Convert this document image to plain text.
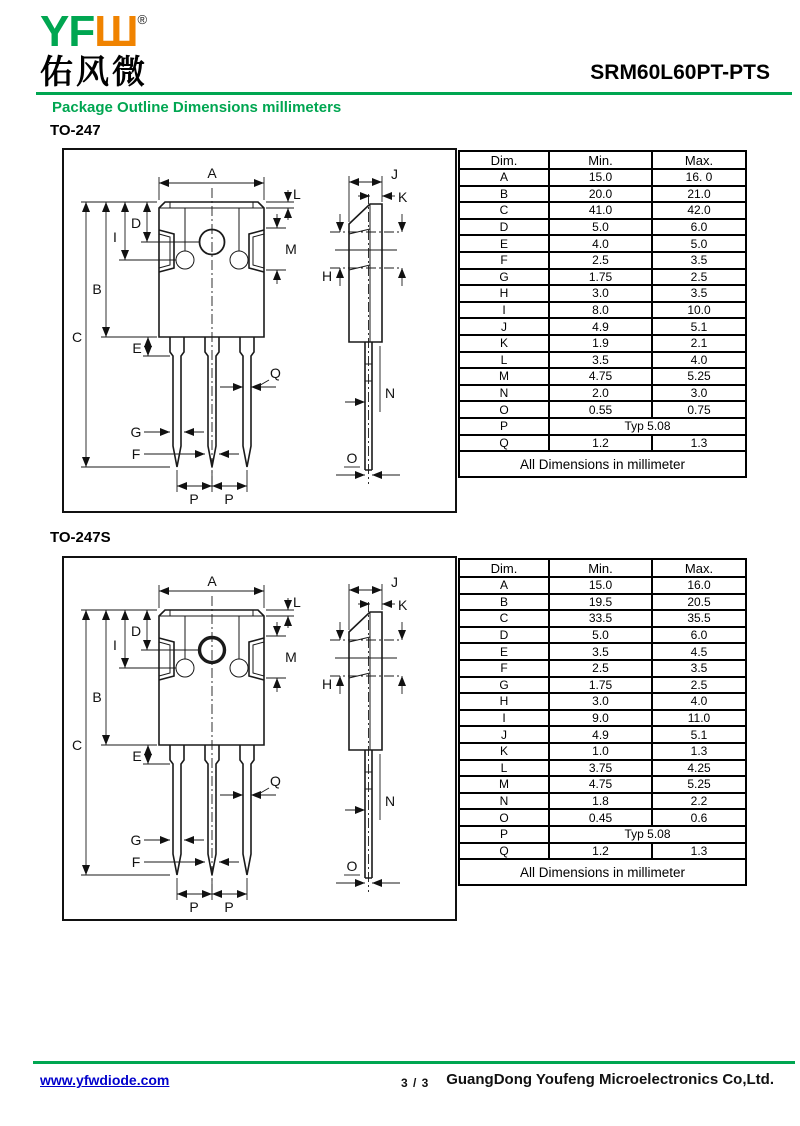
YFШ®
佑风微	SRM60L60PT-PTS
Package Outline Dimensions millimeters
TO-247
A
L
D
I
M
B
C
E
Q
G
F
P P
J
K
H
N
O
Dim.	Min.	Max.
A	15.0	16. 0
B	20.0	21.0
C	41.0	42.0
D	5.0	6.0
E	4.0	5.0
F	2.5	3.5
G	1.75	2.5
H	3.0	3.5
I	8.0	10.0
J	4.9	5.1
K	1.9	2.1
L	3.5	4.0
M	4.75	5.25
N	2.0	3.0
O	0.55	0.75
P	Typ 5.08	
Q	1.2	1.3
All Dimensions in millimeter		
TO-247S
A
L
D
I
M
B
C
E
Q
G
F
P P
J
K
H
N
O
Dim.	Min.	Max.
A	15.0	16.0
B	19.5	20.5
C	33.5	35.5
D	5.0	6.0
E	3.5	4.5
F	2.5	3.5
G	1.75	2.5
H	3.0	4.0
I	9.0	11.0
J	4.9	5.1
K	1.0	1.3
L	3.75	4.25
M	4.75	5.25
N	1.8	2.2
O	0.45	0.6
P	Typ 5.08	
Q	1.2	1.3
All Dimensions in millimeter		
www.yfwdiode.com	3 / 3 GuangDong Youfeng Microelectronics Co,Ltd.
